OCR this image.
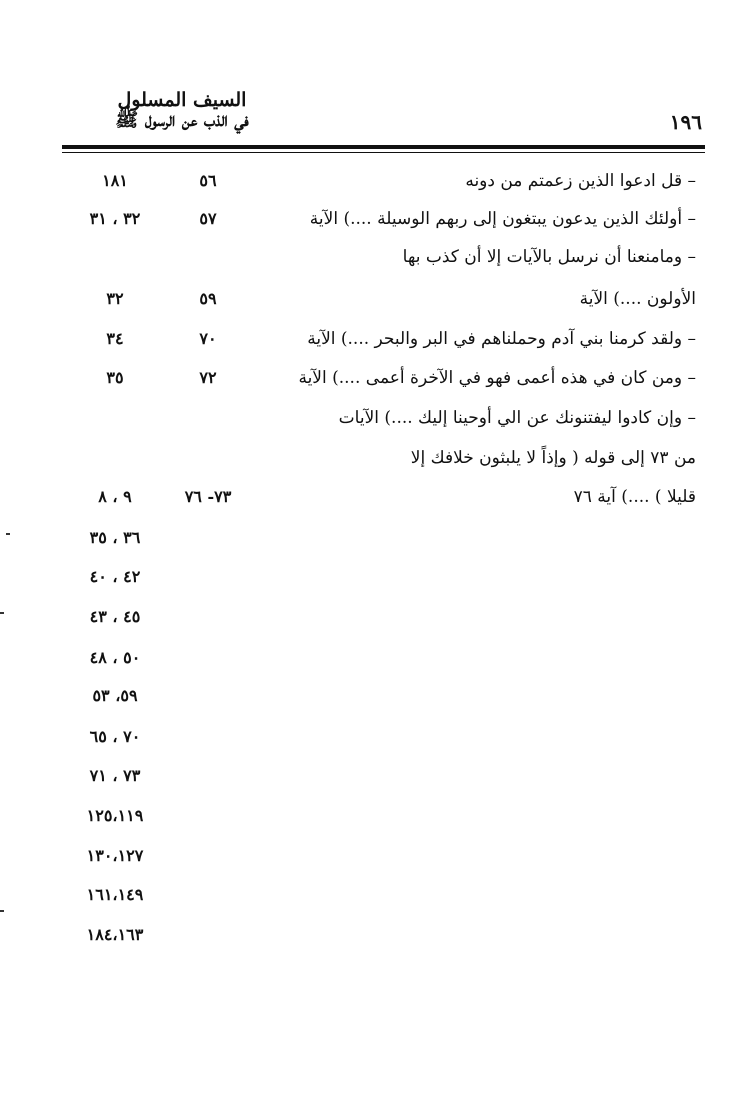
١٩٦
السيف المسلول
في الذب عن الرسول ﷺ
– قل ادعوا الذين زعمتم من دونه
٥٦
١٨١
– أولئك الذين يدعون يبتغون إلى ربهم الوسيلة ....) الآية
٥٧
٣٢ ، ٣١
– ومامنعنا أن نرسل بالآيات إلا أن كذب بها
الأولون ....) الآية
٥٩
٣٢
– ولقد كرمنا بني آدم وحملناهم في البر والبحر ....) الآية
٧٠
٣٤
– ومن كان في هذه أعمى فهو في الآخرة أعمى ....) الآية
٧٢
٣٥
– وإن كادوا ليفتنونك عن الي أوحينا إليك ....) الآيات
من ٧٣ إلى قوله ( وإذاً لا يلبثون خلافك إلا
قليلا ) ....) آية ٧٦
٧٣- ٧٦
٩ ، ٨
٣٦ ، ٣٥
٤٢ ، ٤٠
٤٥ ، ٤٣
٥٠ ، ٤٨
٥٩، ٥٣
٧٠ ، ٦٥
٧٣ ، ٧١
١٢٥،١١٩
١٣٠،١٢٧
١٦١،١٤٩
١٨٤،١٦٣
